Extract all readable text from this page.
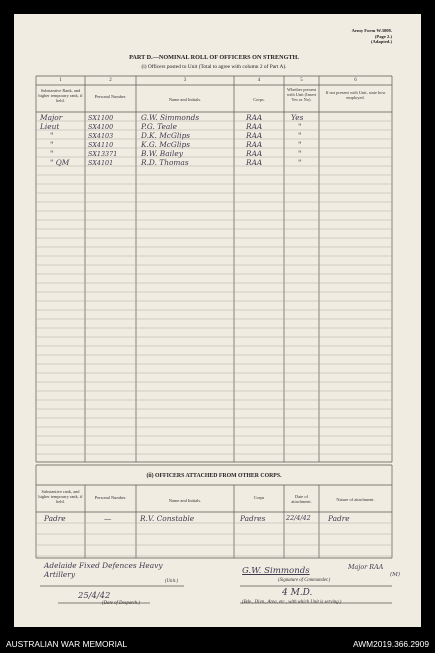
Army Form W.3008.
(Page 2.)
(Adapted.)
PART D.—NOMINAL ROLL OF OFFICERS ON STRENGTH.
(i) Officers posted to Unit (Total to agree with column 2 of Part A).
1	2	3	4	5	6
Substantive Rank, and higher temporary rank, if held.
Personal Number.
Name and Initials.	Corps.
Whether present with Unit (Insert Yes or No).
If not present with Unit, state how employed.
Major	SX1100	G.W. Simmonds	RAA	Yes
Lieut	SX4100	P.G. Teale	RAA	"
"	SX4103	D.K. McGlips	RAA	"
"	SX4110	K.G. McGlips	RAA	"
"	SX13371	B.W. Bailey	RAA	"
" QM	SX4101	R.D. Thomas	RAA	"
(ii) OFFICERS ATTACHED FROM OTHER CORPS.
Substantive rank, and higher temporary rank, if held.
Personal Number.
Name and Initials.
Corps	Date of attachment.	Nature of attachment.
Padre	—	R.V. Constable	Padres	22/4/42 Padre
Adelaide Fixed Defences Heavy Artillery
(Unit.)
G.W. Simmonds	Major RAA
(M)
(Signature of Commander.)
25/4/42
(Date of Despatch.)
4 M.D.
(Bde., Divn., Area, etc., with which Unit is serving.)
AUSTRALIAN WAR MEMORIAL	AWM2019.366.2909
